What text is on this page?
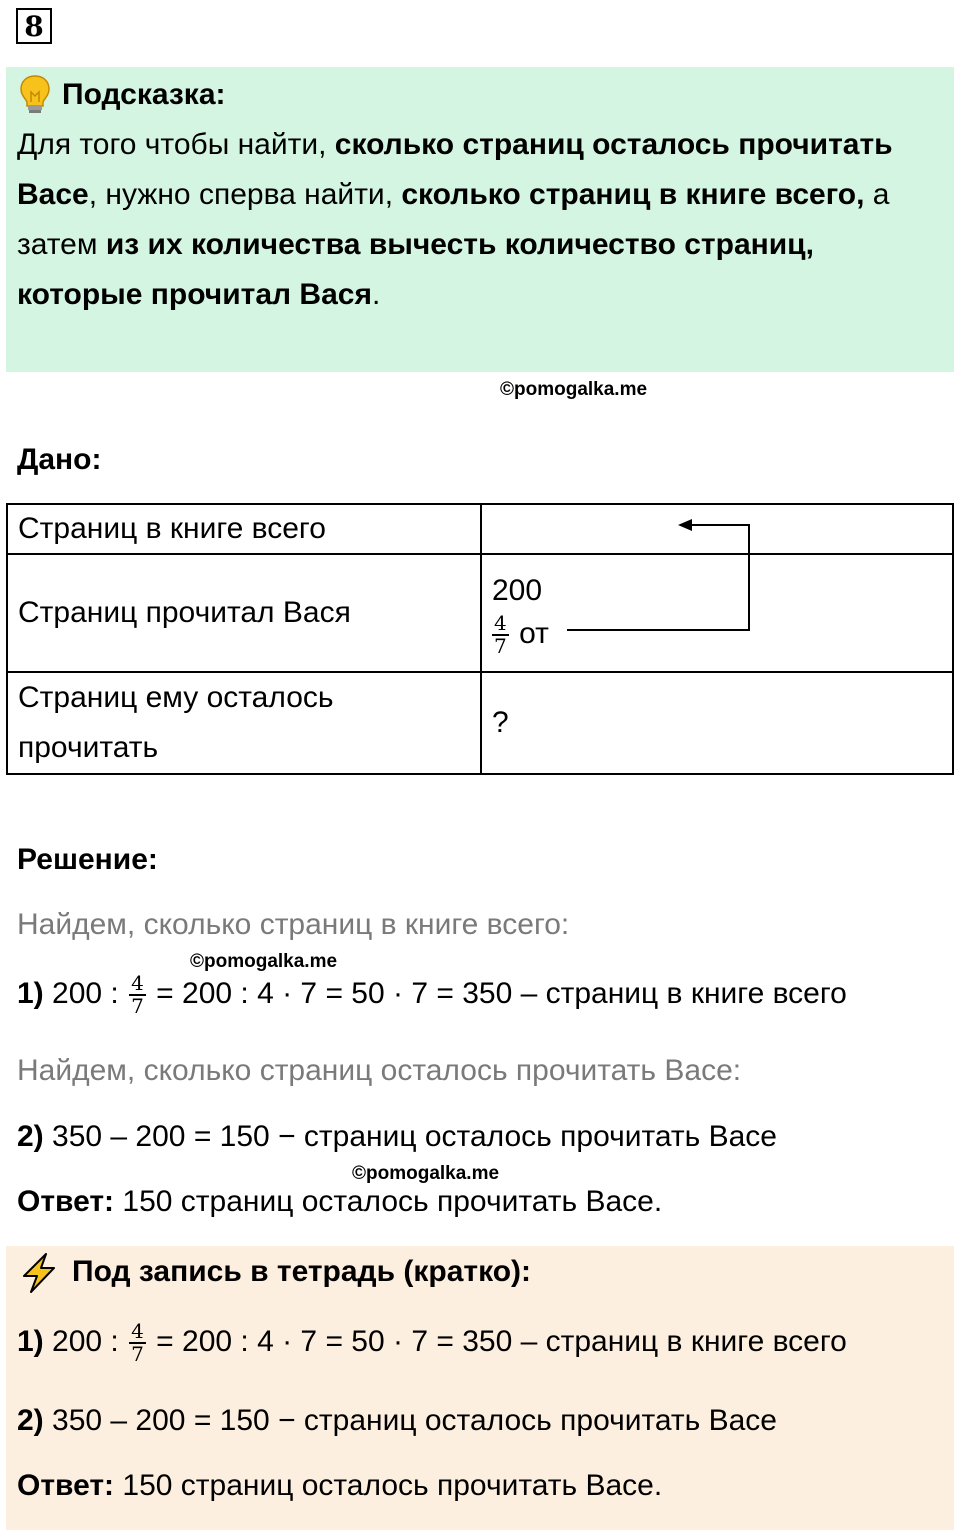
8
Подсказка:
Для того чтобы найти, сколько страниц осталось прочитать Васе, нужно сперва найти, сколько страниц в книге всего, а затем из их количества вычесть количество страниц, которые прочитал Вася.
©pomogalka.me
Дано:
Страниц в книге всего	
Страниц прочитал Вася	200
$\frac{4}{7}$ от

Страниц ему осталось прочитать	?
Решение:
Найдем, сколько страниц в книге всего:
©pomogalka.me
1) 200 : $\frac{4}{7} = 200$ : 4 · 7 = 50 · 7 = 350 – страниц в книге всего
Найдем, сколько страниц осталось прочитать Васе:
2) 350 – 200 = 150 − страниц осталось прочитать Васе
©pomogalka.me
Ответ: 150 страниц осталось прочитать Васе.
Под запись в тетрадь (кратко):
1) 200 : $\frac{4}{7} = 200$ : 4 · 7 = 50 · 7 = 350 – страниц в книге всего
2) 350 – 200 = 150 − страниц осталось прочитать Васе
Ответ: 150 страниц осталось прочитать Васе.
